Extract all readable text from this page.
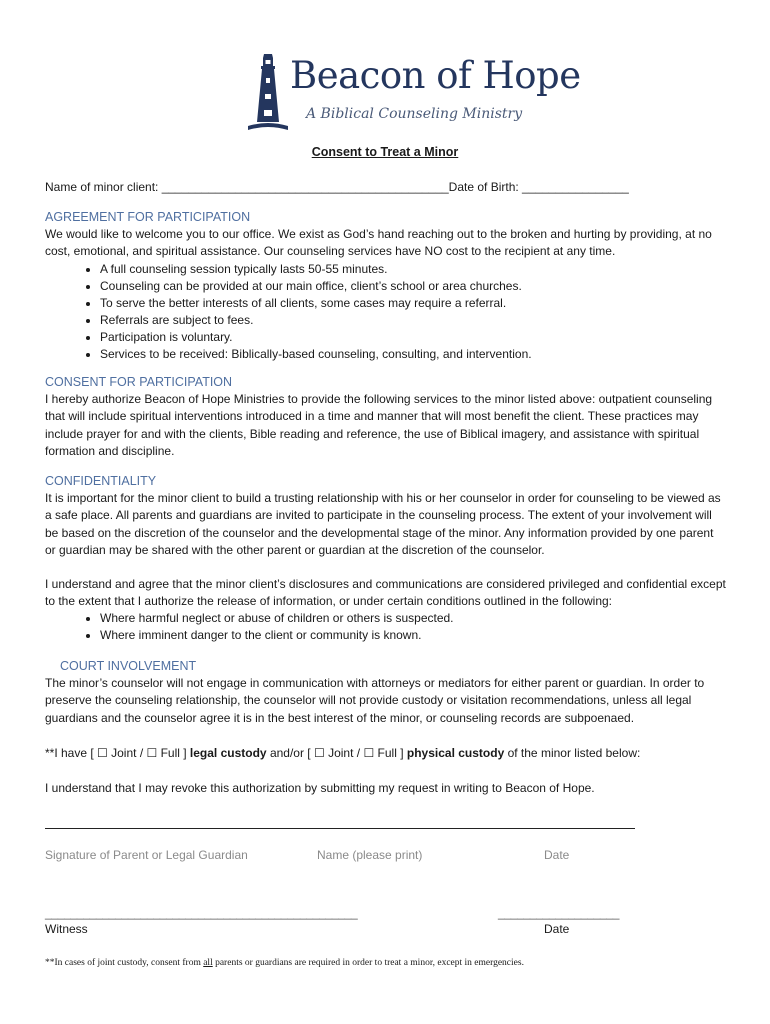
Beacon of Hope
A Biblical Counseling Ministry
Consent to Treat a Minor
Name of minor client: ___________________________________________Date of Birth: ________________
AGREEMENT FOR PARTICIPATION
We would like to welcome you to our office. We exist as God’s hand reaching out to the broken and hurting by providing, at no cost, emotional, and spiritual assistance. Our counseling services have NO cost to the recipient at any time.
• A full counseling session typically lasts 50-55 minutes.
• Counseling can be provided at our main office, client’s school or area churches.
• To serve the better interests of all clients, some cases may require a referral.
• Referrals are subject to fees.
• Participation is voluntary.
• Services to be received: Biblically-based counseling, consulting, and intervention.
CONSENT FOR PARTICIPATION
I hereby authorize Beacon of Hope Ministries to provide the following services to the minor listed above: outpatient counseling that will include spiritual interventions introduced in a time and manner that will most benefit the client. These practices may include prayer for and with the clients, Bible reading and reference, the use of Biblical imagery, and assistance with spiritual formation and discipline.
CONFIDENTIALITY
It is important for the minor client to build a trusting relationship with his or her counselor in order for counseling to be viewed as a safe place. All parents and guardians are invited to participate in the counseling process. The extent of your involvement will be based on the discretion of the counselor and the developmental stage of the minor. Any information provided by one parent or guardian may be shared with the other parent or guardian at the discretion of the counselor.
I understand and agree that the minor client’s disclosures and communications are considered privileged and confidential except to the extent that I authorize the release of information, or under certain conditions outlined in the following:
• Where harmful neglect or abuse of children or others is suspected.
• Where imminent danger to the client or community is known.
COURT INVOLVEMENT
The minor’s counselor will not engage in communication with attorneys or mediators for either parent or guardian. In order to preserve the counseling relationship, the counselor will not provide custody or visitation recommendations, unless all legal guardians and the counselor agree it is in the best interest of the minor, or counseling records are subpoenaed.
**I have [ ☐ Joint / ☐ Full ] legal custody and/or [ ☐ Joint / ☐ Full ] physical custody of the minor listed below:
I understand that I may revoke this authorization by submitting my request in writing to Beacon of Hope.
Signature of Parent or Legal Guardian	Name (please print)	Date
_________________________________________________	___________________
Witness	Date
**In cases of joint custody, consent from all parents or guardians are required in order to treat a minor, except in emergencies.
